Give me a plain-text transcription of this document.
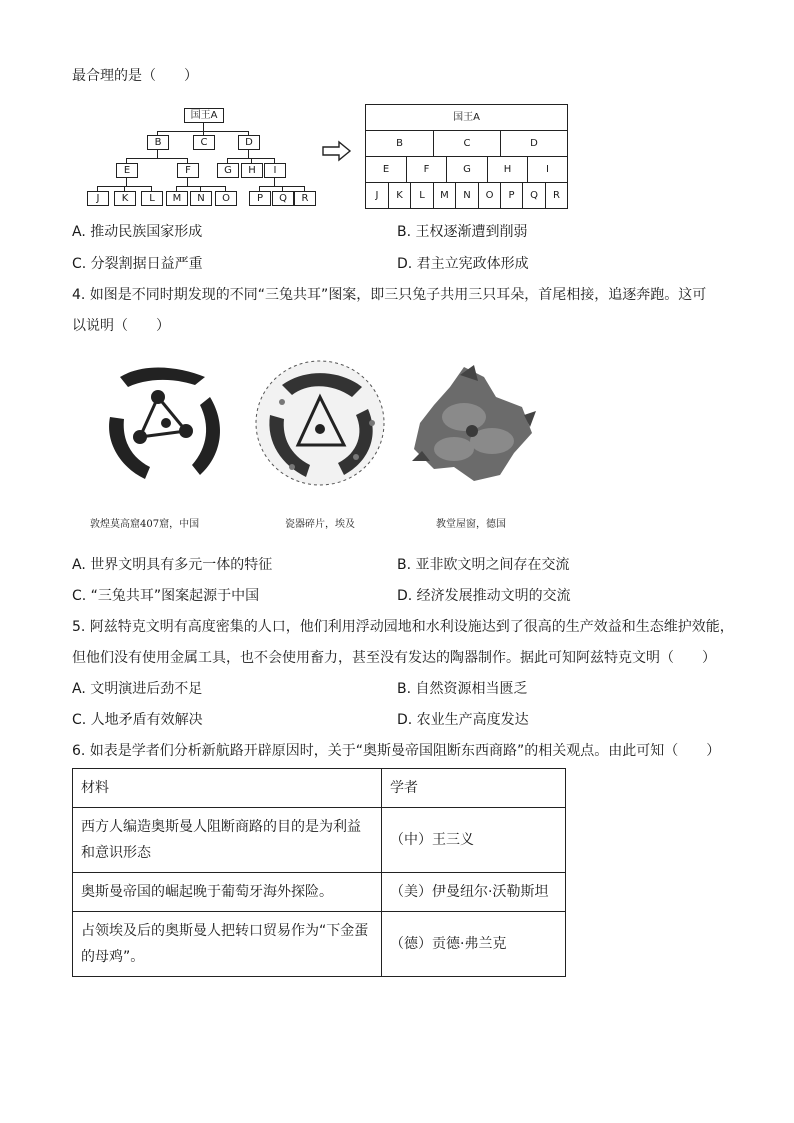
最合理的是（　　）
国王A
B	C	D
E	F	G	H	I
J	K	L	M	N	O	P	Q	R
国王A
B	C	D
E	F	G	H	I
J	K	L	M	N	O	P	Q	R
A. 推动民族国家形成	B. 王权逐渐遭到削弱
C. 分裂割据日益严重	D. 君主立宪政体形成
4. 如图是不同时期发现的不同“三兔共耳”图案，即三只兔子共用三只耳朵，首尾相接，追逐奔跑。这可
以说明（　　）
敦煌莫高窟407窟，中国	瓷器碎片，埃及	教堂屋窗，德国
A. 世界文明具有多元一体的特征	B. 亚非欧文明之间存在交流
C. “三兔共耳”图案起源于中国	D. 经济发展推动文明的交流
5. 阿兹特克文明有高度密集的人口，他们利用浮动园地和水利设施达到了很高的生产效益和生态维护效能，
但他们没有使用金属工具，也不会使用畜力，甚至没有发达的陶器制作。据此可知阿兹特克文明（　　）
A. 文明演进后劲不足	B. 自然资源相当匮乏
C. 人地矛盾有效解决	D. 农业生产高度发达
6. 如表是学者们分析新航路开辟原因时，关于“奥斯曼帝国阻断东西商路”的相关观点。由此可知（　　）
材料	学者
西方人编造奥斯曼人阻断商路的目的是为利益和意识形态	（中）王三义
奥斯曼帝国的崛起晚于葡萄牙海外探险。	（美）伊曼纽尔·沃勒斯坦
占领埃及后的奥斯曼人把转口贸易作为“下金蛋的母鸡”。	（德）贡德·弗兰克
